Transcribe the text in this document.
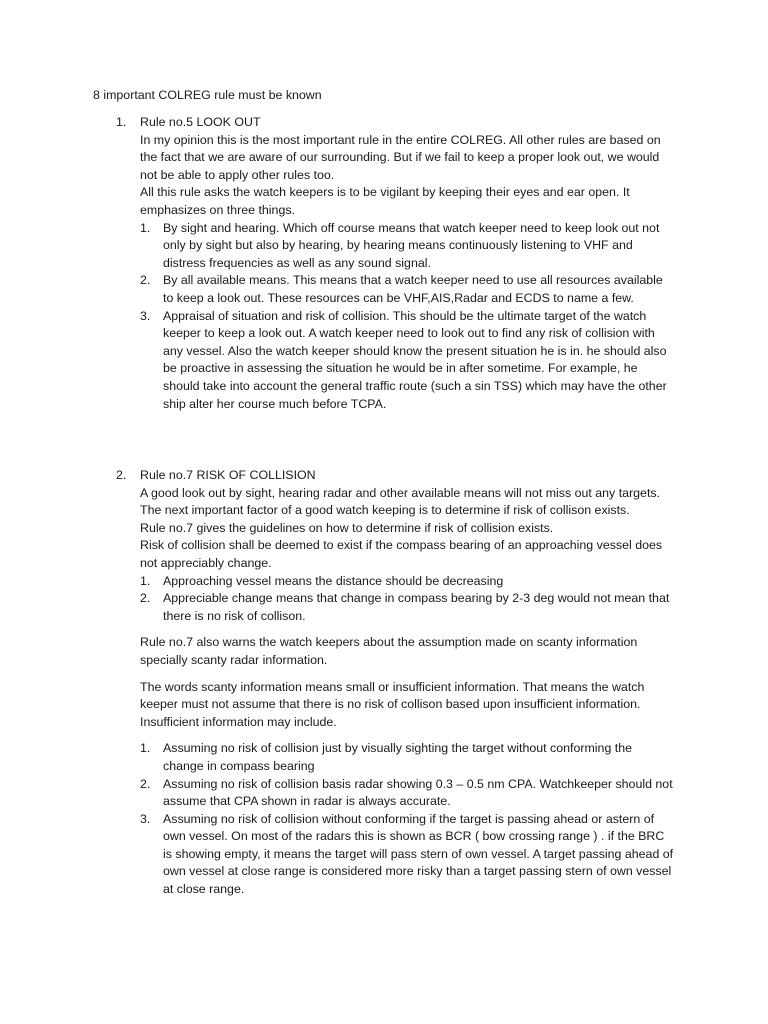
8 important COLREG rule must be known
1. Rule no.5 LOOK OUT
In my opinion this is the most important rule in the entire COLREG. All other rules are based on the fact that we are aware of our surrounding. But if we fail to keep a proper look out, we would not be able to apply other rules too.
All this rule asks the watch keepers is to be vigilant by keeping their eyes and ear open. It emphasizes on three things.
1. By sight and hearing. Which off course means that watch keeper need to keep look out not only by sight but also by hearing, by hearing means continuously listening to VHF and distress frequencies as well as any sound signal.
2. By all available means. This means that a watch keeper need to use all resources available to keep a look out. These resources can be VHF,AIS,Radar and ECDS to name a few.
3. Appraisal of situation and risk of collision. This should be the ultimate target of the watch keeper to keep a look out. A watch keeper need to look out to find any risk of collision with any vessel. Also the watch keeper should know the present situation he is in. he should also be proactive in assessing the situation he would be in after sometime. For example, he should take into account the general traffic route (such a sin TSS) which may have the other ship alter her course much before TCPA.
2. Rule no.7 RISK OF COLLISION
A good look out by sight, hearing radar and other available means will not miss out any targets. The next important factor of a good watch keeping is to determine if risk of collison exists.
Rule no.7 gives the guidelines on how to determine if risk of collision exists.
Risk of collision shall be deemed to exist if the compass bearing of an approaching vessel does not appreciably change.
1. Approaching vessel means the distance should be decreasing
2. Appreciable change means that change in compass bearing by 2-3 deg would not mean that there is no risk of collison.
Rule no.7 also warns the watch keepers about the assumption made on scanty information specially scanty radar information.
The words scanty information means small or insufficient information. That means the watch keeper must not assume that there is no risk of collison based upon insufficient information. Insufficient information may include.
1. Assuming no risk of collision just by visually sighting the target without conforming the change in compass bearing
2. Assuming no risk of collision basis radar showing 0.3 – 0.5 nm CPA. Watchkeeper should not assume that CPA shown in radar is always accurate.
3. Assuming no risk of collision without conforming if the target is passing ahead or astern of own vessel. On most of the radars this is shown as BCR ( bow crossing range ) . if the BRC is showing empty, it means the target will pass stern of own vessel. A target passing ahead of own vessel at close range is considered more risky than a target passing stern of own vessel at close range.
